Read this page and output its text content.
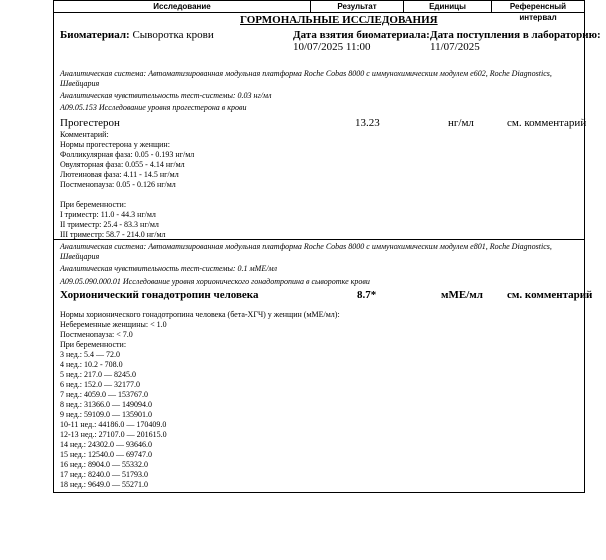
Исследование	Результат	Единицы	Референсный интервал
ГОРМОНАЛЬНЫЕ ИССЛЕДОВАНИЯ
Биоматериал: Сыворотка крови	Дата взятия биоматериала:
10/07/2025 11:00
Дата поступления в лабораторию:
11/07/2025
Аналитическая система: Автоматизированная модульная платформа Roche Cobas 8000 с иммунохимическим модулем e602, Roche Diagnostics,
Швейцария
Аналитическая чувствительность тест-системы: 0.03 нг/мл
A09.05.153 Исследование уровня прогестерона в крови
Прогестерон	13.23	нг/мл	см. комментарий
Комментарий:
Нормы прогестерона у женщин:
Фолликулярная фаза: 0.05 - 0.193 нг/мл
Овуляторная фаза: 0.055 - 4.14 нг/мл
Лютеиновая фаза: 4.11 - 14.5 нг/мл
Постменопауза: 0.05 - 0.126 нг/мл
При беременности:
I триместр: 11.0 - 44.3 нг/мл
II триместр: 25.4 - 83.3 нг/мл
III триместр: 58.7 - 214.0 нг/мл
Аналитическая система: Автоматизированная модульная платформа Roche Cobas 8000 с иммунохимическим модулем e801, Roche Diagnostics,
Швейцария
Аналитическая чувствительность тест-системы: 0.1 мМЕ/мл
A09.05.090.000.01 Исследование уровня хорионического гонадотропина в сыворотке крови
Хорионический гонадотропин человека	8.7*	мМЕ/мл см. комментарий
Нормы хорионического гонадотропина человека (бета-ХГЧ) у женщин (мМЕ/мл):
Небеременные женщины: < 1.0
Постменопауза: < 7.0
При беременности:
3 нед.: 5.4 — 72.0
4 нед.: 10.2 - 708.0
5 нед.: 217.0 — 8245.0
6 нед.: 152.0 — 32177.0
7 нед.: 4059.0 — 153767.0
8 нед.: 31366.0 — 149094.0
9 нед.: 59109.0 — 135901.0
10-11 нед.: 44186.0 — 170409.0
12-13 нед.: 27107.0 — 201615.0
14 нед.: 24302.0 — 93646.0
15 нед.: 12540.0 — 69747.0
16 нед.: 8904.0 — 55332.0
17 нед.: 8240.0 — 51793.0
18 нед.: 9649.0 — 55271.0
